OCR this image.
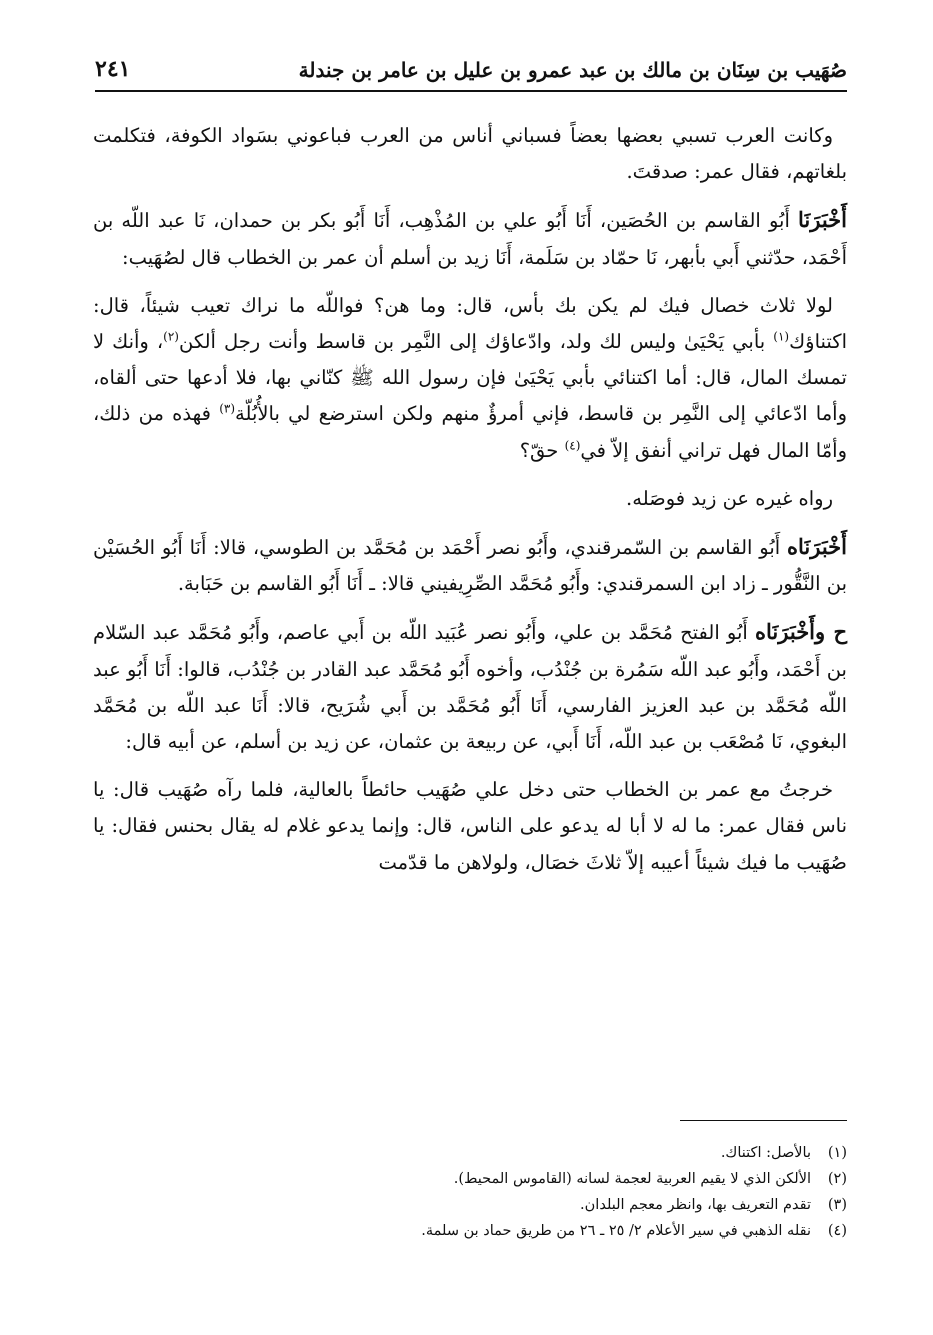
صُهَيب بن سِنَان بن مالك بن عبد عمرو بن عليل بن عامر بن جندلة
٢٤١

وكانت العرب تسبي بعضها بعضاً فسباني أناس من العرب فباعوني بسَواد الكوفة، فتكلمت بلغاتهم، فقال عمر: صدقتَ.

أَخْبَرَنَا أَبُو القاسم بن الحُصَين، أَنَا أَبُو علي بن المُذْهِب، أَنَا أَبُو بكر بن حمدان، نَا عبد اللّه بن أَحْمَد، حدّثني أَبي بأبهر، نَا حمّاد بن سَلَمة، أَنَا زيد بن أسلم أن عمر بن الخطاب قال لصُهَيب:

لولا ثلاث خصال فيك لم يكن بك بأس، قال: وما هن؟ فواللّه ما نراك تعيب شيئاً، قال: اكتناؤك$^{(١)}$ بأبي يَحْيَىٰ وليس لك ولد، وادّعاؤك إلى النَّمِر بن قاسط وأنت رجل ألكن$^{(٢)}$، وأنك لا تمسك المال، قال: أما اكتنائي بأبي يَحْيَىٰ فإن رسول الله ﷺ كنّاني بها، فلا أدعها حتى ألقاه، وأما ادّعائي إلى النَّمِر بن قاسط، فإني أمرؤٌ منهم ولكن استرضع لي بالأُبُلّة$^{(٣)}$ فهذه من ذلك، وأمّا المال فهل تراني أنفق إلاّ في$^{(٤)}$ حقّ؟

رواه غيره عن زيد فوصَله.

أَخْبَرَنَاه أَبُو القاسم بن السّمرقندي، وأَبُو نصر أَحْمَد بن مُحَمَّد بن الطوسي، قالا: أَنَا أَبُو الحُسَيْن بن النَّقُّور ـ زاد ابن السمرقندي: وأَبُو مُحَمَّد الصِّرِيفيني قالا: ـ أَنَا أَبُو القاسم بن حَبَابة.

ح وأَخْبَرَنَاه أَبُو الفتح مُحَمَّد بن علي، وأَبُو نصر عُبَيد اللّه بن أَبي عاصم، وأَبُو مُحَمَّد عبد السّلام بن أَحْمَد، وأَبُو عبد اللّه سَمُرة بن جُنْدُب، وأخوه أَبُو مُحَمَّد عبد القادر بن جُنْدُب، قالوا: أَنَا أَبُو عبد اللّه مُحَمَّد بن عبد العزيز الفارسي، أَنَا أَبُو مُحَمَّد بن أَبي شُرَيح، قالا: أَنَا عبد اللّه بن مُحَمَّد البغوي، نَا مُصْعَب بن عبد اللّه، أَنَا أَبي، عن ربيعة بن عثمان، عن زيد بن أسلم، عن أبيه قال:

خرجتُ مع عمر بن الخطاب حتى دخل علي صُهَيب حائطاً بالعالية، فلما رآه صُهَيب قال: يا ناس فقال عمر: ما له لا أبا له يدعو على الناس، قال: وإنما يدعو غلام له يقال بحنس فقال: يا صُهَيب ما فيك شيئاً أعيبه إلاّ ثلاثَ خصَال، ولولاهن ما قدّمت

(١)بالأصل: اكتناك.
(٢)الألكن الذي لا يقيم العربية لعجمة لسانه (القاموس المحيط).
(٣)تقدم التعريف بها، وانظر معجم البلدان.
(٤)نقله الذهبي في سير الأعلام ٢/ ٢٥ ـ ٢٦ من طريق حماد بن سلمة.
